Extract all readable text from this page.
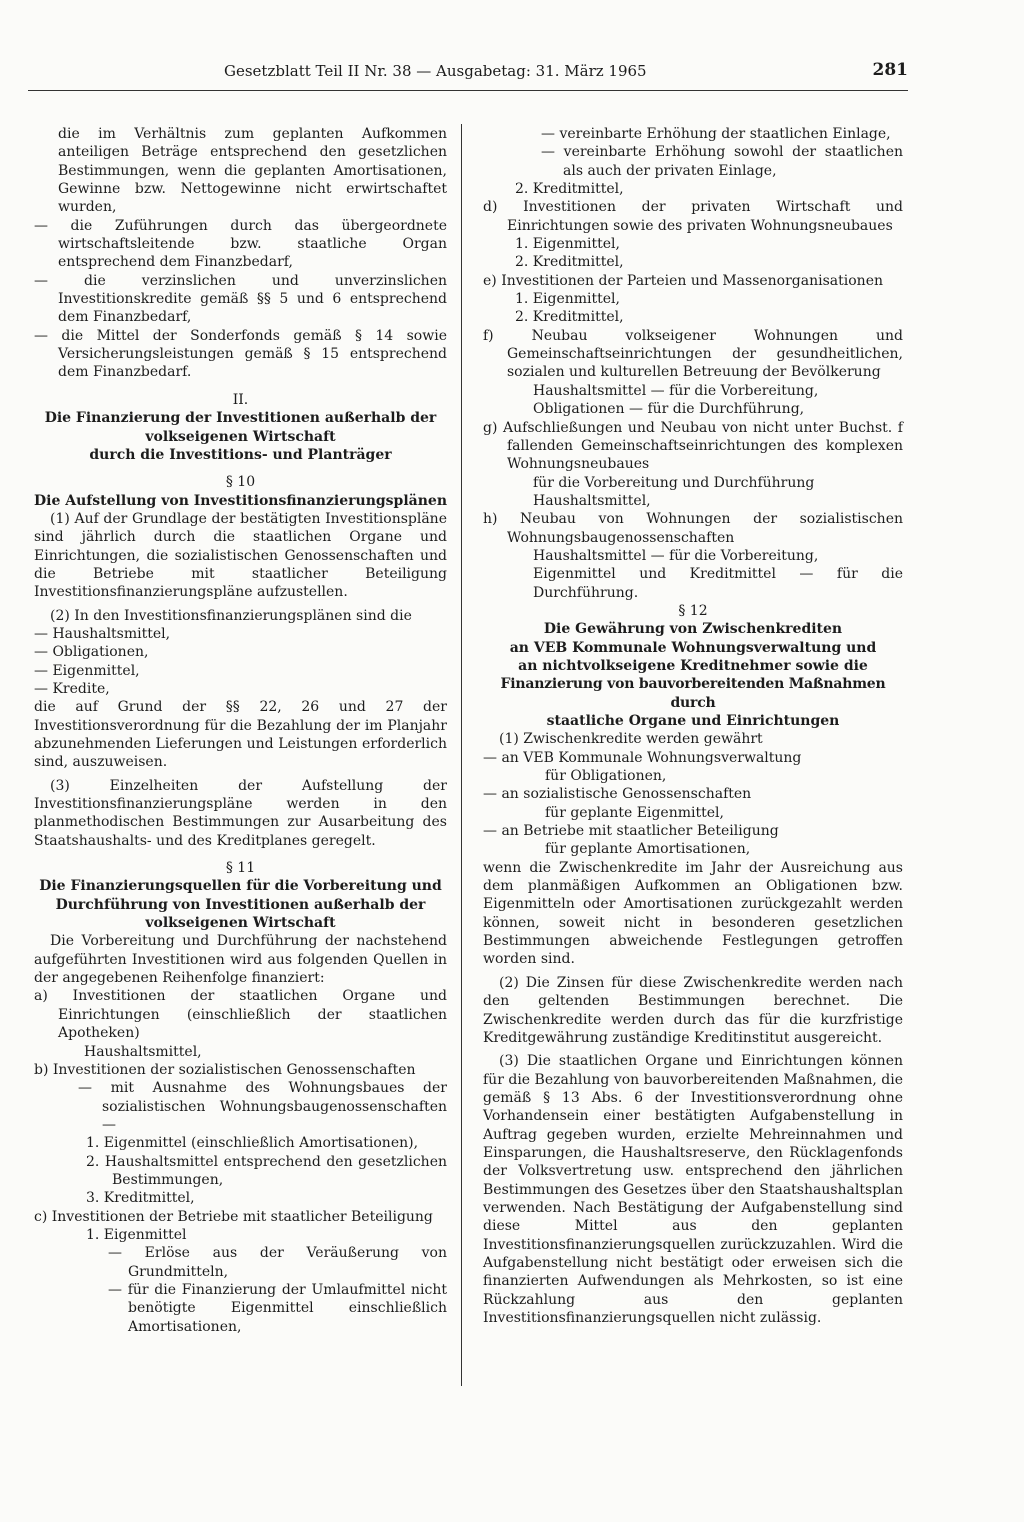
Gesetzblatt Teil II Nr. 38 — Ausgabetag: 31. März 1965	281

die im Verhältnis zum geplanten Aufkommen anteiligen Beträge entsprechend den gesetzlichen Bestimmungen, wenn die geplanten Amortisationen, Gewinne bzw. Nettogewinne nicht erwirtschaftet wurden,

— die Zuführungen durch das übergeordnete wirtschaftsleitende bzw. staatliche Organ entsprechend dem Finanzbedarf,
— die verzinslichen und unverzinslichen Investitionskredite gemäß §§ 5 und 6 entsprechend dem Finanzbedarf,
— die Mittel der Sonderfonds gemäß § 14 sowie Versicherungsleistungen gemäß § 15 entsprechend dem Finanzbedarf.
II.
Die Finanzierung der Investitionen außerhalb der
volkseigenen Wirtschaft
durch die Investitions- und Planträger
§ 10
Die Aufstellung von Investitionsfinanzierungsplänen

(1) Auf der Grundlage der bestätigten Investitionspläne sind jährlich durch die staatlichen Organe und Einrichtungen, die sozialistischen Genossenschaften und die Betriebe mit staatlicher Beteiligung Investitionsfinanzierungspläne aufzustellen.

(2) In den Investitionsfinanzierungsplänen sind die

— Haushaltsmittel,
— Obligationen,
— Eigenmittel,
— Kredite,

die auf Grund der §§ 22, 26 und 27 der Investitionsverordnung für die Bezahlung der im Planjahr abzunehmenden Lieferungen und Leistungen erforderlich sind, auszuweisen.

(3) Einzelheiten der Aufstellung der Investitionsfinanzierungspläne werden in den planmethodischen Bestimmungen zur Ausarbeitung des Staatshaushalts- und des Kreditplanes geregelt.

§ 11
Die Finanzierungsquellen für die Vorbereitung und
Durchführung von Investitionen außerhalb der
volkseigenen Wirtschaft

Die Vorbereitung und Durchführung der nachstehend aufgeführten Investitionen wird aus folgenden Quellen in der angegebenen Reihenfolge finanziert:

a) Investitionen der staatlichen Organe und Einrichtungen (einschließlich der staatlichen Apotheken)
Haushaltsmittel,
b) Investitionen der sozialistischen Genossenschaften
— mit Ausnahme des Wohnungsbaues der sozialistischen Wohnungsbaugenossenschaften —
1. Eigenmittel (einschließlich Amortisationen),
2. Haushaltsmittel entsprechend den gesetzlichen Bestimmungen,
3. Kreditmittel,
c) Investitionen der Betriebe mit staatlicher Beteiligung
1. Eigenmittel
— Erlöse aus der Veräußerung von Grundmitteln,
— für die Finanzierung der Umlaufmittel nicht benötigte Eigenmittel einschließlich Amortisationen,
— vereinbarte Erhöhung der staatlichen Einlage,
— vereinbarte Erhöhung sowohl der staatlichen als auch der privaten Einlage,
2. Kreditmittel,
d) Investitionen der privaten Wirtschaft und Einrichtungen sowie des privaten Wohnungsneubaues
1. Eigenmittel,
2. Kreditmittel,
e) Investitionen der Parteien und Massenorganisationen
1. Eigenmittel,
2. Kreditmittel,
f) Neubau volkseigener Wohnungen und Gemeinschaftseinrichtungen der gesundheitlichen, sozialen und kulturellen Betreuung der Bevölkerung
Haushaltsmittel — für die Vorbereitung,
Obligationen — für die Durchführung,
g) Aufschließungen und Neubau von nicht unter Buchst. f fallenden Gemeinschaftseinrichtungen des komplexen Wohnungsneubaues
für die Vorbereitung und Durchführung
Haushaltsmittel,
h) Neubau von Wohnungen der sozialistischen Wohnungsbaugenossenschaften
Haushaltsmittel — für die Vorbereitung,
Eigenmittel und Kreditmittel — für die Durchführung.
§ 12
Die Gewährung von Zwischenkrediten
an VEB Kommunale Wohnungsverwaltung und
an nichtvolkseigene Kreditnehmer sowie die
Finanzierung von bauvorbereitenden Maßnahmen durch
staatliche Organe und Einrichtungen

(1) Zwischenkredite werden gewährt

— an VEB Kommunale Wohnungsverwaltung
für Obligationen,
— an sozialistische Genossenschaften
für geplante Eigenmittel,
— an Betriebe mit staatlicher Beteiligung
für geplante Amortisationen,

wenn die Zwischenkredite im Jahr der Ausreichung aus dem planmäßigen Aufkommen an Obligationen bzw. Eigenmitteln oder Amortisationen zurückgezahlt werden können, soweit nicht in besonderen gesetzlichen Bestimmungen abweichende Festlegungen getroffen worden sind.

(2) Die Zinsen für diese Zwischenkredite werden nach den geltenden Bestimmungen berechnet. Die Zwischenkredite werden durch das für die kurzfristige Kreditgewährung zuständige Kreditinstitut ausgereicht.

(3) Die staatlichen Organe und Einrichtungen können für die Bezahlung von bauvorbereitenden Maßnahmen, die gemäß § 13 Abs. 6 der Investitionsverordnung ohne Vorhandensein einer bestätigten Aufgabenstellung in Auftrag gegeben wurden, erzielte Mehreinnahmen und Einsparungen, die Haushaltsreserve, den Rücklagenfonds der Volksvertretung usw. entsprechend den jährlichen Bestimmungen des Gesetzes über den Staatshaushaltsplan verwenden. Nach Bestätigung der Aufgabenstellung sind diese Mittel aus den geplanten Investitionsfinanzierungsquellen zurückzuzahlen. Wird die Aufgabenstellung nicht bestätigt oder erweisen sich die finanzierten Aufwendungen als Mehrkosten, so ist eine Rückzahlung aus den geplanten Investitionsfinanzierungsquellen nicht zulässig.
